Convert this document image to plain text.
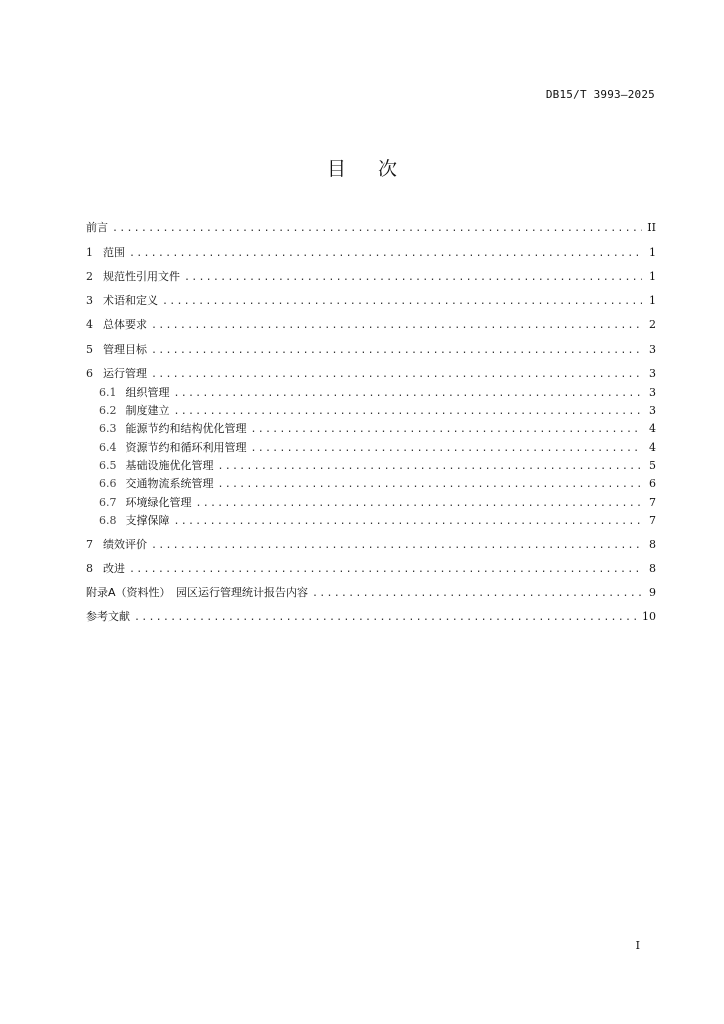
DB15/T 3993—2025
目次
前言 .....	II
1 范围 .....	1
2 规范性引用文件 .....	1
3 术语和定义 .....	1
4 总体要求 .....	2
5 管理目标 .....	3
6 运行管理 .....	3
6.1 组织管理 .....	3
6.2 制度建立 .....	3
6.3 能源节约和结构优化管理 .....	4
6.4 资源节约和循环利用管理 .....	4
6.5 基础设施优化管理 .....	5
6.6 交通物流系统管理 .....	6
6.7 环境绿化管理 .....	7
6.8 支撑保障 .....	7
7 绩效评价 .....	8
8 改进 .....	8
附录A（资料性）　园区运行管理统计报告内容 .....	9
参考文献 .....	10
I
